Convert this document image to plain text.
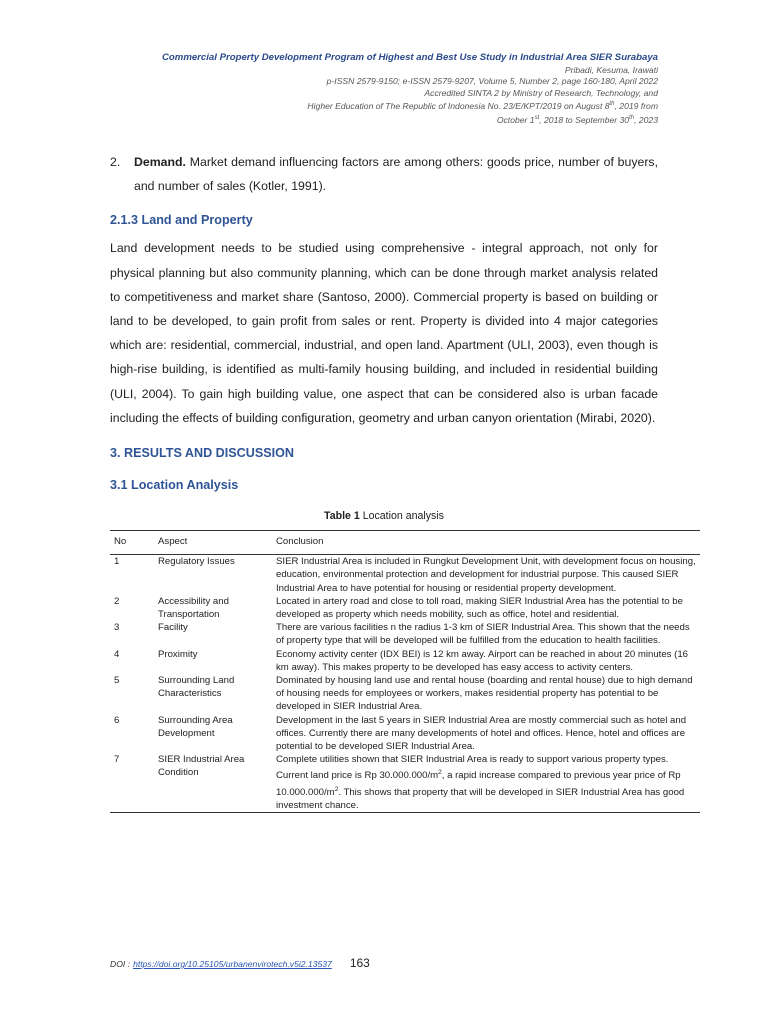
Commercial Property Development Program of Highest and Best Use Study in Industrial Area SIER Surabaya
Pribadi, Kesuma, Irawati
p-ISSN 2579-9150; e-ISSN 2579-9207, Volume 5, Number 2, page 160-180, April 2022
Accredited SINTA 2 by Ministry of Research, Technology, and
Higher Education of The Republic of Indonesia No. 23/E/KPT/2019 on August 8th, 2019 from
October 1st, 2018 to September 30th, 2023
2.	Demand. Market demand influencing factors are among others: goods price, number of buyers, and number of sales (Kotler, 1991).
2.1.3 Land and Property

Land development needs to be studied using comprehensive - integral approach, not only for physical planning but also community planning, which can be done through market analysis related to competitiveness and market share (Santoso, 2000). Commercial property is based on building or land to be developed, to gain profit from sales or rent. Property is divided into 4 major categories which are: residential, commercial, industrial, and open land. Apartment (ULI, 2003), even though is high-rise building, is identified as multi-family housing building, and included in residential building (ULI, 2004). To gain high building value, one aspect that can be considered also is urban facade including the effects of building configuration, geometry and urban canyon orientation (Mirabi, 2020).

3. RESULTS AND DISCUSSION
3.1 Location Analysis

Table 1 Location analysis

No	Aspect	Conclusion
1	Regulatory Issues	SIER Industrial Area is included in Rungkut Development Unit, with development focus on housing, education, environmental protection and development for industrial purpose. This caused SIER Industrial Area to have potential for housing or residential property development.
2	Accessibility and Transportation	Located in artery road and close to toll road, making SIER Industrial Area has the potential to be developed as property which needs mobility, such as office, hotel and residential.
3	Facility	There are various facilities n the radius 1-3 km of SIER Industrial Area. This shown that the needs of property type that will be developed will be fulfilled from the education to health facilities.
4	Proximity	Economy activity center (IDX BEI) is 12 km away. Airport can be reached in about 20 minutes (16 km away). This makes property to be developed has easy access to activity centers.
5	Surrounding Land Characteristics	Dominated by housing land use and rental house (boarding and rental house) due to high demand of housing needs for employees or workers, makes residential property has potential to be developed in SIER Industrial Area.
6	Surrounding Area Development	Development in the last 5 years in SIER Industrial Area are mostly commercial such as hotel and offices. Currently there are many developments of hotel and offices. Hence, hotel and offices are potential to be developed SIER Industrial Area.
7	SIER Industrial Area Condition	Complete utilities shown that SIER Industrial Area is ready to support various property types. Current land price is Rp $30.000.000/m^2$, a rapid increase compared to previous year price of Rp $10.000.000/m^2$. This shows that property that will be developed in SIER Industrial Area has good investment chance.
DOI : https://doi.org/10.25105/urbanenvirotech.v5i2.13537 163
